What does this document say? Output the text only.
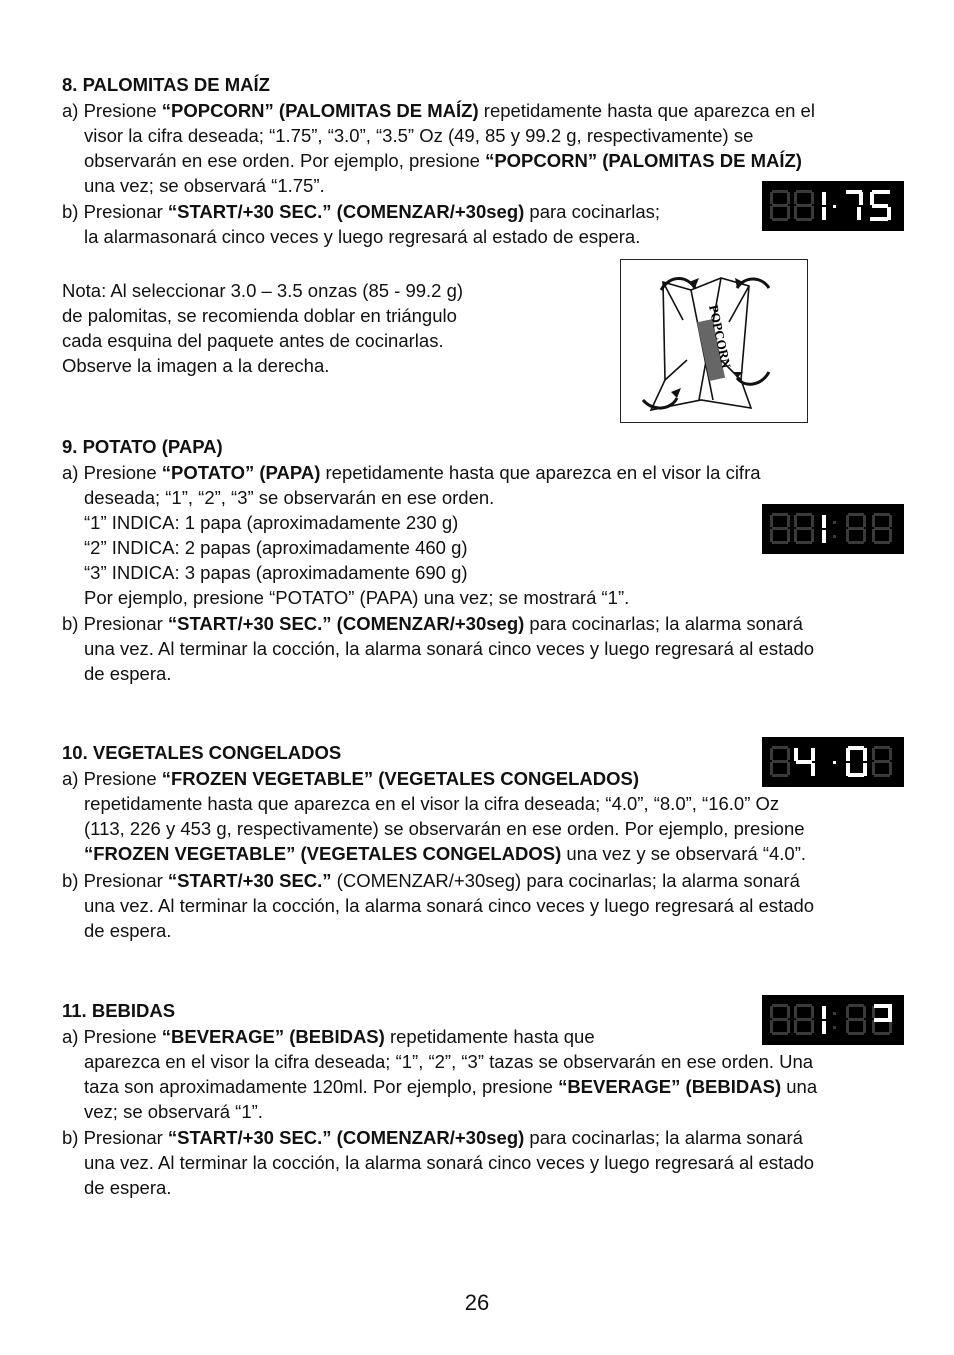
8. PALOMITAS DE MAÍZ
a) Presione “POPCORN” (PALOMITAS DE MAÍZ) repetidamente hasta que aparezca en el
visor la cifra deseada; “1.75”, “3.0”, “3.5” Oz (49, 85 y 99.2 g, respectivamente) se
observarán en ese orden. Por ejemplo, presione “POPCORN” (PALOMITAS DE MAÍZ)
una vez; se observará “1.75”.
b) Presionar “START/+30 SEC.” (COMENZAR/+30seg) para cocinarlas;
la alarmasonará cinco veces y luego regresará al estado de espera.
Nota: Al seleccionar 3.0 – 3.5 onzas (85 - 99.2 g)
de palomitas, se recomienda doblar en triángulo
cada esquina del paquete antes de cocinarlas.
Observe la imagen a la derecha.	POPCORN
9. POTATO (PAPA)
a) Presione “POTATO” (PAPA) repetidamente hasta que aparezca en el visor la cifra
deseada; “1”, “2”, “3” se observarán en ese orden.
“1” INDICA: 1 papa (aproximadamente 230 g)
“2” INDICA: 2 papas (aproximadamente 460 g)
“3” INDICA: 3 papas (aproximadamente 690 g)
Por ejemplo, presione “POTATO” (PAPA) una vez; se mostrará “1”.
b) Presionar “START/+30 SEC.” (COMENZAR/+30seg) para cocinarlas; la alarma sonará
una vez. Al terminar la cocción, la alarma sonará cinco veces y luego regresará al estado
de espera.
10. VEGETALES CONGELADOS
a) Presione “FROZEN VEGETABLE” (VEGETALES CONGELADOS)
repetidamente hasta que aparezca en el visor la cifra deseada; “4.0”, “8.0”, “16.0” Oz
(113, 226 y 453 g, respectivamente) se observarán en ese orden. Por ejemplo, presione
“FROZEN VEGETABLE” (VEGETALES CONGELADOS) una vez y se observará “4.0”.
b) Presionar “START/+30 SEC.” (COMENZAR/+30seg) para cocinarlas; la alarma sonará
una vez. Al terminar la cocción, la alarma sonará cinco veces y luego regresará al estado
de espera.
11. BEBIDAS
a) Presione “BEVERAGE” (BEBIDAS) repetidamente hasta que
aparezca en el visor la cifra deseada; “1”, “2”, “3” tazas se observarán en ese orden. Una
taza son aproximadamente 120ml. Por ejemplo, presione “BEVERAGE” (BEBIDAS) una
vez; se observará “1”.
b) Presionar “START/+30 SEC.” (COMENZAR/+30seg) para cocinarlas; la alarma sonará
una vez. Al terminar la cocción, la alarma sonará cinco veces y luego regresará al estado
de espera.
26
